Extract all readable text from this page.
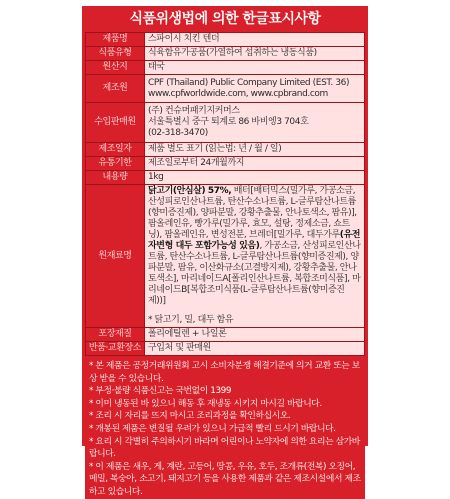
식품위생법에 의한 한글표시사항
제품명	스파이시 치킨 텐더
식품유형	식육함유가공품(가열하여 섭취하는 냉동식품)
원산지	태국
제조원	CPF (Thailand) Public Company Limited (EST. 36)
www.cpfworldwide.com, www.cpbrand.com

수입판매원	(주) 컨슈머패키지커머스
서울특별시 중구 퇴계로 86 바비엥3 704호
(02-318-3470)

제조일자	제품 별도 표기 (읽는법: 년 / 월 / 일)
유통기한	제조일로부터 24개월까지
내용량	1kg
원재료명	닭고기(안심살) 57%, 배터[배터믹스(밀가루, 가공소금, 산성피로인산나트륨, 탄산수소나트륨, L-글루탐산나트륨(향미증진제), 양파분말, 강황추출물, 안나토색소, 팜유)], 팜올레인유, 빵가루(밀가루, 효모, 설탕, 정제소금, 쇼트닝), 팜올레인유, 변성전분, 브레더[밀가루, 대두가루(유전자변형 대두 포함가능성 있음), 가공소금, 산성피로인산나트륨, 탄산수소나트륨, L-글루탐산나트륨(향미증진제), 양파분말, 팜유, 이산화규소(고결방지제), 강황추출물, 안나토색소], 마리네이드A[폴리인산나트륨, 복합조미식품], 마리네이드B[복합조미식품(L-글루탐산나트륨(향미증진제))]

* 닭고기, 밀, 대두 함유

포장재질	폴리에틸렌 + 나일론
반품·교환장소	구입처 및 판매원

* 본 제품은 공정거래위원회 고시 소비자분쟁 해결기준에 의거 교환 또는 보상 받을 수 있습니다.

* 부정·불량 식품신고는 국번없이 1399

* 이미 냉동된 바 있으니 해동 후 재냉동 시키지 마시길 바랍니다.

* 조리 시 자리를 뜨지 마시고 조리과정을 확인하십시오.

* 개봉된 제품은 변질될 우려가 있으니 가급적 빨리 드시기 바랍니다.

* 요리 시 각별히 주의하시기 바라며 어린이나 노약자에 의한 요리는 삼가바랍니다.

* 이 제품은 새우, 게, 계란, 고등어, 땅콩, 우유, 호두, 조개류(전복) 오징어, 메밀, 복숭아, 소고기, 돼지고기 등을 사용한 제품과 같은 제조시설에서 제조하고 있습니다.
